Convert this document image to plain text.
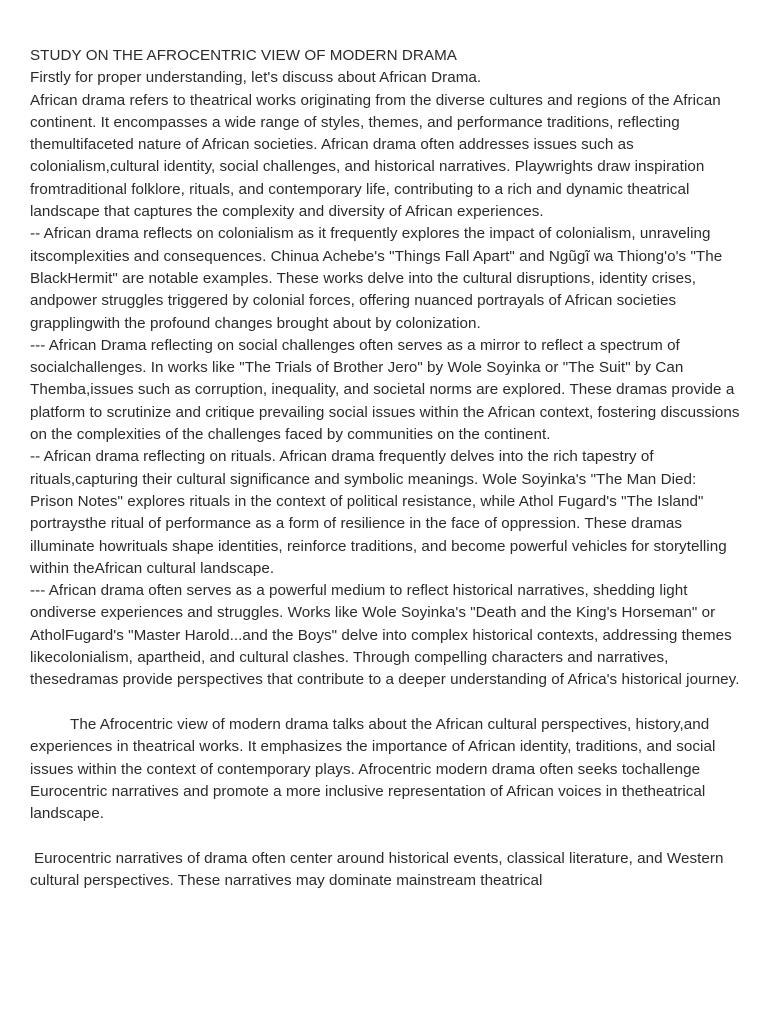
STUDY ON THE AFROCENTRIC VIEW OF MODERN DRAMA

Firstly for proper understanding, let's discuss about African Drama.

African drama refers to theatrical works originating from the diverse cultures and regions of the African continent. It encompasses a wide range of styles, themes, and performance traditions, reflecting themultifaceted nature of African societies. African drama often addresses issues such as colonialism,cultural identity, social challenges, and historical narratives. Playwrights draw inspiration fromtraditional folklore, rituals, and contemporary life, contributing to a rich and dynamic theatrical landscape that captures the complexity and diversity of African experiences.

-- African drama reflects on colonialism as it frequently explores the impact of colonialism, unraveling itscomplexities and consequences. Chinua Achebe's "Things Fall Apart" and Ngũgĩ wa Thiong'o's "The BlackHermit" are notable examples. These works delve into the cultural disruptions, identity crises, andpower struggles triggered by colonial forces, offering nuanced portrayals of African societies grapplingwith the profound changes brought about by colonization.

--- African Drama reflecting on social challenges often serves as a mirror to reflect a spectrum of socialchallenges. In works like "The Trials of Brother Jero" by Wole Soyinka or "The Suit" by Can Themba,issues such as corruption, inequality, and societal norms are explored. These dramas provide a platform to scrutinize and critique prevailing social issues within the African context, fostering discussions on the complexities of the challenges faced by communities on the continent.

-- African drama reflecting on rituals. African drama frequently delves into the rich tapestry of rituals,capturing their cultural significance and symbolic meanings. Wole Soyinka's "The Man Died: Prison Notes" explores rituals in the context of political resistance, while Athol Fugard's "The Island" portraysthe ritual of performance as a form of resilience in the face of oppression. These dramas illuminate howrituals shape identities, reinforce traditions, and become powerful vehicles for storytelling within theAfrican cultural landscape.

--- African drama often serves as a powerful medium to reflect historical narratives, shedding light ondiverse experiences and struggles. Works like Wole Soyinka's "Death and the King's Horseman" or AtholFugard's "Master Harold...and the Boys" delve into complex historical contexts, addressing themes likecolonialism, apartheid, and cultural clashes. Through compelling characters and narratives, thesedramas provide perspectives that contribute to a deeper understanding of Africa's historical journey.

The Afrocentric view of modern drama talks about the African cultural perspectives, history,and experiences in theatrical works. It emphasizes the importance of African identity, traditions, and social issues within the context of contemporary plays. Afrocentric modern drama often seeks tochallenge Eurocentric narratives and promote a more inclusive representation of African voices in thetheatrical landscape.

Eurocentric narratives of drama often center around historical events, classical literature, and Western cultural perspectives. These narratives may dominate mainstream theatrical
